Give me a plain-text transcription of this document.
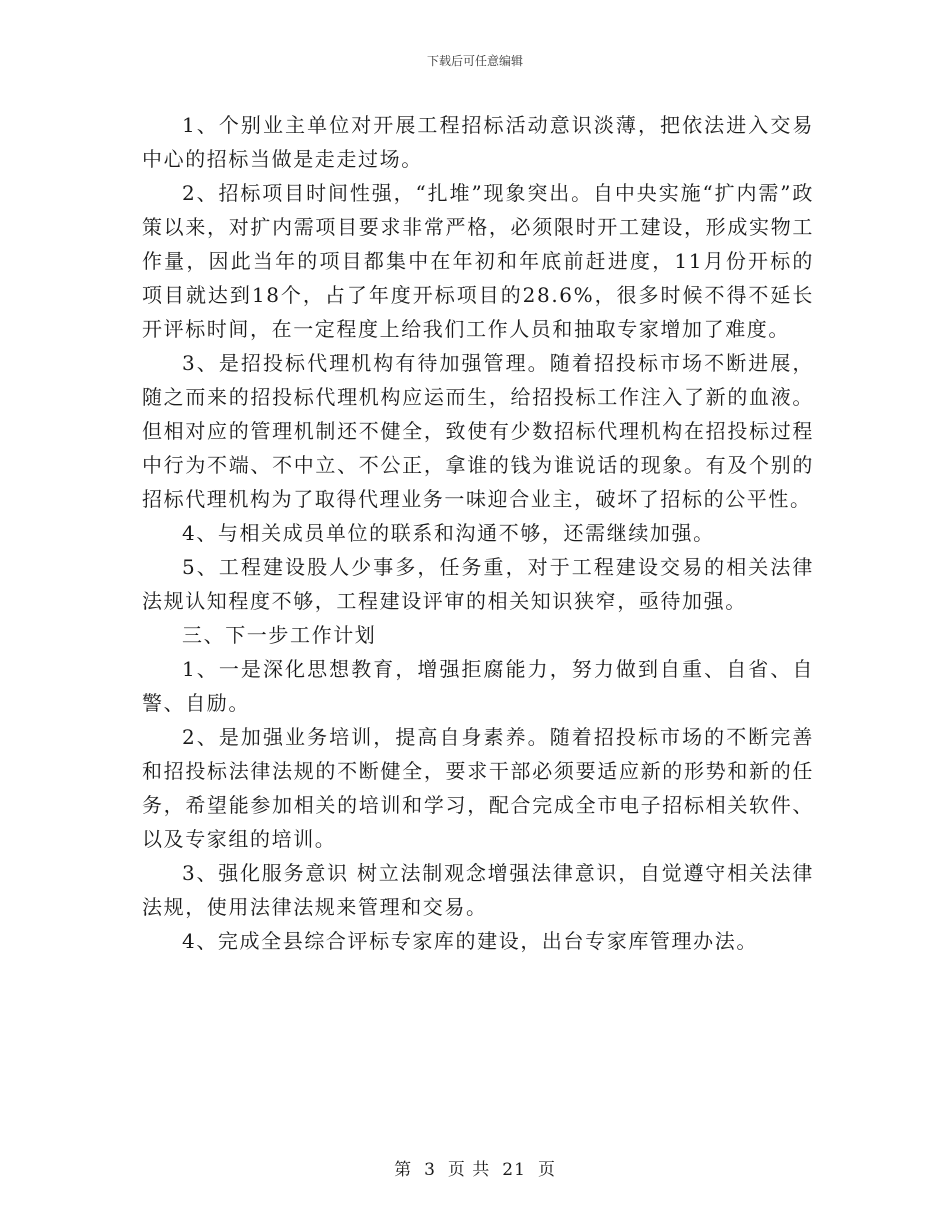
下载后可任意编辑

1、个别业主单位对开展工程招标活动意识淡薄，把依法进入交易中心的招标当做是走走过场。

2、招标项目时间性强，“扎堆”现象突出。自中央实施“扩内需”政策以来，对扩内需项目要求非常严格，必须限时开工建设，形成实物工作量，因此当年的项目都集中在年初和年底前赶进度，11月份开标的项目就达到18个，占了年度开标项目的28.6%，很多时候不得不延长开评标时间，在一定程度上给我们工作人员和抽取专家增加了难度。

3、是招投标代理机构有待加强管理。随着招投标市场不断进展，随之而来的招投标代理机构应运而生，给招投标工作注入了新的血液。但相对应的管理机制还不健全，致使有少数招标代理机构在招投标过程中行为不端、不中立、不公正，拿谁的钱为谁说话的现象。有及个别的招标代理机构为了取得代理业务一味迎合业主，破坏了招标的公平性。

4、与相关成员单位的联系和沟通不够，还需继续加强。

5、工程建设股人少事多，任务重，对于工程建设交易的相关法律法规认知程度不够，工程建设评审的相关知识狭窄，亟待加强。

三、下一步工作计划

1、一是深化思想教育，增强拒腐能力，努力做到自重、自省、自警、自励。

2、是加强业务培训，提高自身素养。随着招投标市场的不断完善和招投标法律法规的不断健全，要求干部必须要适应新的形势和新的任务，希望能参加相关的培训和学习，配合完成全市电子招标相关软件、以及专家组的培训。

3、强化服务意识 树立法制观念增强法律意识，自觉遵守相关法律法规，使用法律法规来管理和交易。

4、完成全县综合评标专家库的建设，出台专家库管理办法。

第 3 页 共 21 页
